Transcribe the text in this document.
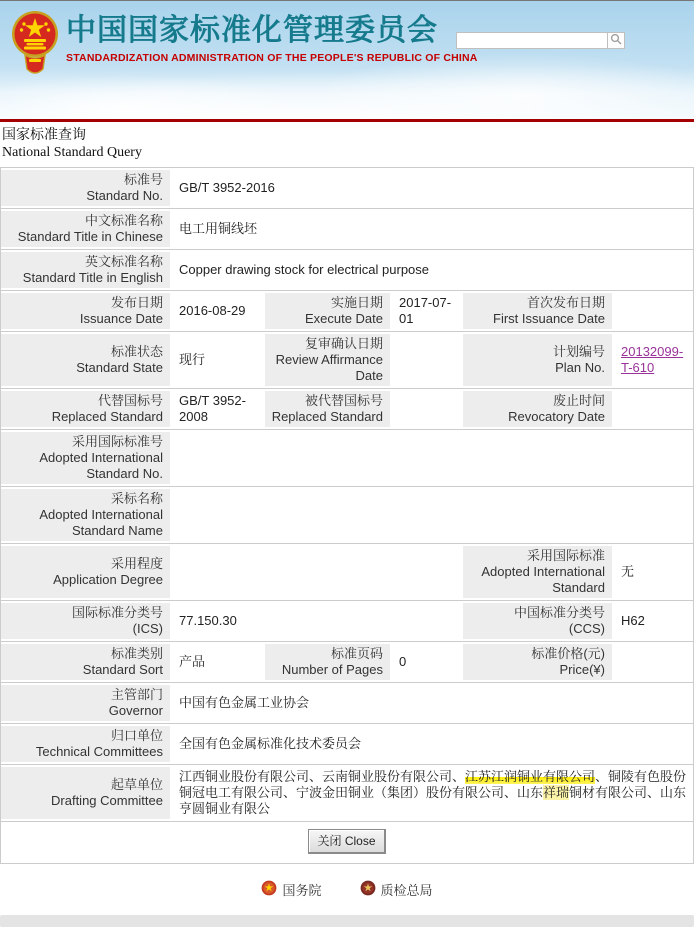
中国国家标准化管理委员会
STANDARDIZATION ADMINISTRATION OF THE PEOPLE'S REPUBLIC OF CHINA
国家标准查询
National Standard Query
标准号
Standard No.
GB/T 3952-2016
中文标准名称
Standard Title in Chinese
电工用铜线坯
英文标准名称
Standard Title in English
Copper drawing stock for electrical purpose
发布日期
Issuance Date
2016-08-29
实施日期
Execute Date
2017-07-01
首次发布日期
First Issuance Date
标准状态
Standard State
现行
复审确认日期
Review Affirmance Date
计划编号
Plan No.
20132099-T-610
代替国标号
Replaced Standard
GB/T 3952-2008
被代替国标号
Replaced Standard
废止时间
Revocatory Date
采用国际标准号
Adopted International Standard No.
采标名称
Adopted International Standard Name
采用程度
Application Degree
采用国际标准
Adopted International Standard
无
国际标准分类号
(ICS)
77.150.30
中国标准分类号
(CCS)
H62
标准类别
Standard Sort
产品
标准页码
Number of Pages
0
标准价格(元)
Price(¥)
主管部门
Governor
中国有色金属工业协会
归口单位
Technical Committees
全国有色金属标准化技术委员会
起草单位
Drafting Committee
江西铜业股份有限公司、云南铜业股份有限公司、江苏江润铜业有限公司、铜陵有色股份铜冠电工有限公司、宁波金田铜业（集团）股份有限公司、山东祥瑞铜材有限公司、山东亨圆铜业有限公
关闭 Close
国务院	质检总局
